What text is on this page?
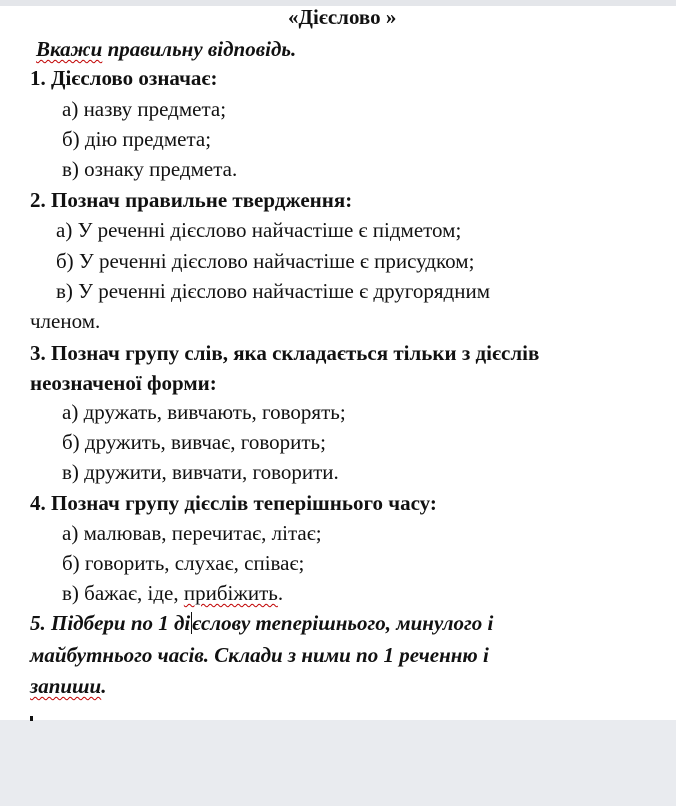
«Дієслово »
Вкажи правильну відповідь.
1. Дієслово означає:
а) назву предмета;
б) дію предмета;
в) ознаку предмета.
2. Познач правильне твердження:
а) У реченні дієслово найчастіше є підметом;
б) У реченні дієслово найчастіше є присудком;
в) У реченні дієслово найчастіше є другорядним
членом.
3. Познач групу слів, яка складається тільки з дієслів
неозначеної форми:
а) дружать, вивчають, говорять;
б) дружить, вивчає, говорить;
в) дружити, вивчати, говорити.
4. Познач групу дієслів теперішнього часу:
а) малював, перечитає, літає;
б) говорить, слухає, співає;
в) бажає, іде, прибіжить.
5. Підбери по 1 дієслову теперішнього, минулого і
майбутнього часів. Склади з ними по 1 реченню і
запиши.
